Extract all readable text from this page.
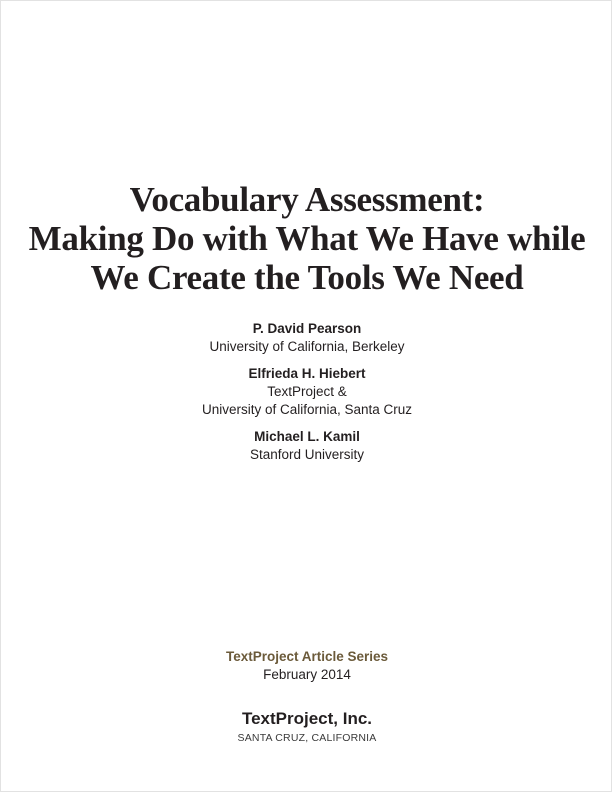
Vocabulary Assessment:
Making Do with What We Have while
We Create the Tools We Need
P. David Pearson
University of California, Berkeley
Elfrieda H. Hiebert
TextProject &
University of California, Santa Cruz
Michael L. Kamil
Stanford University
TextProject Article Series
February 2014
TextProject, Inc.
SANTA CRUZ, CALIFORNIA
